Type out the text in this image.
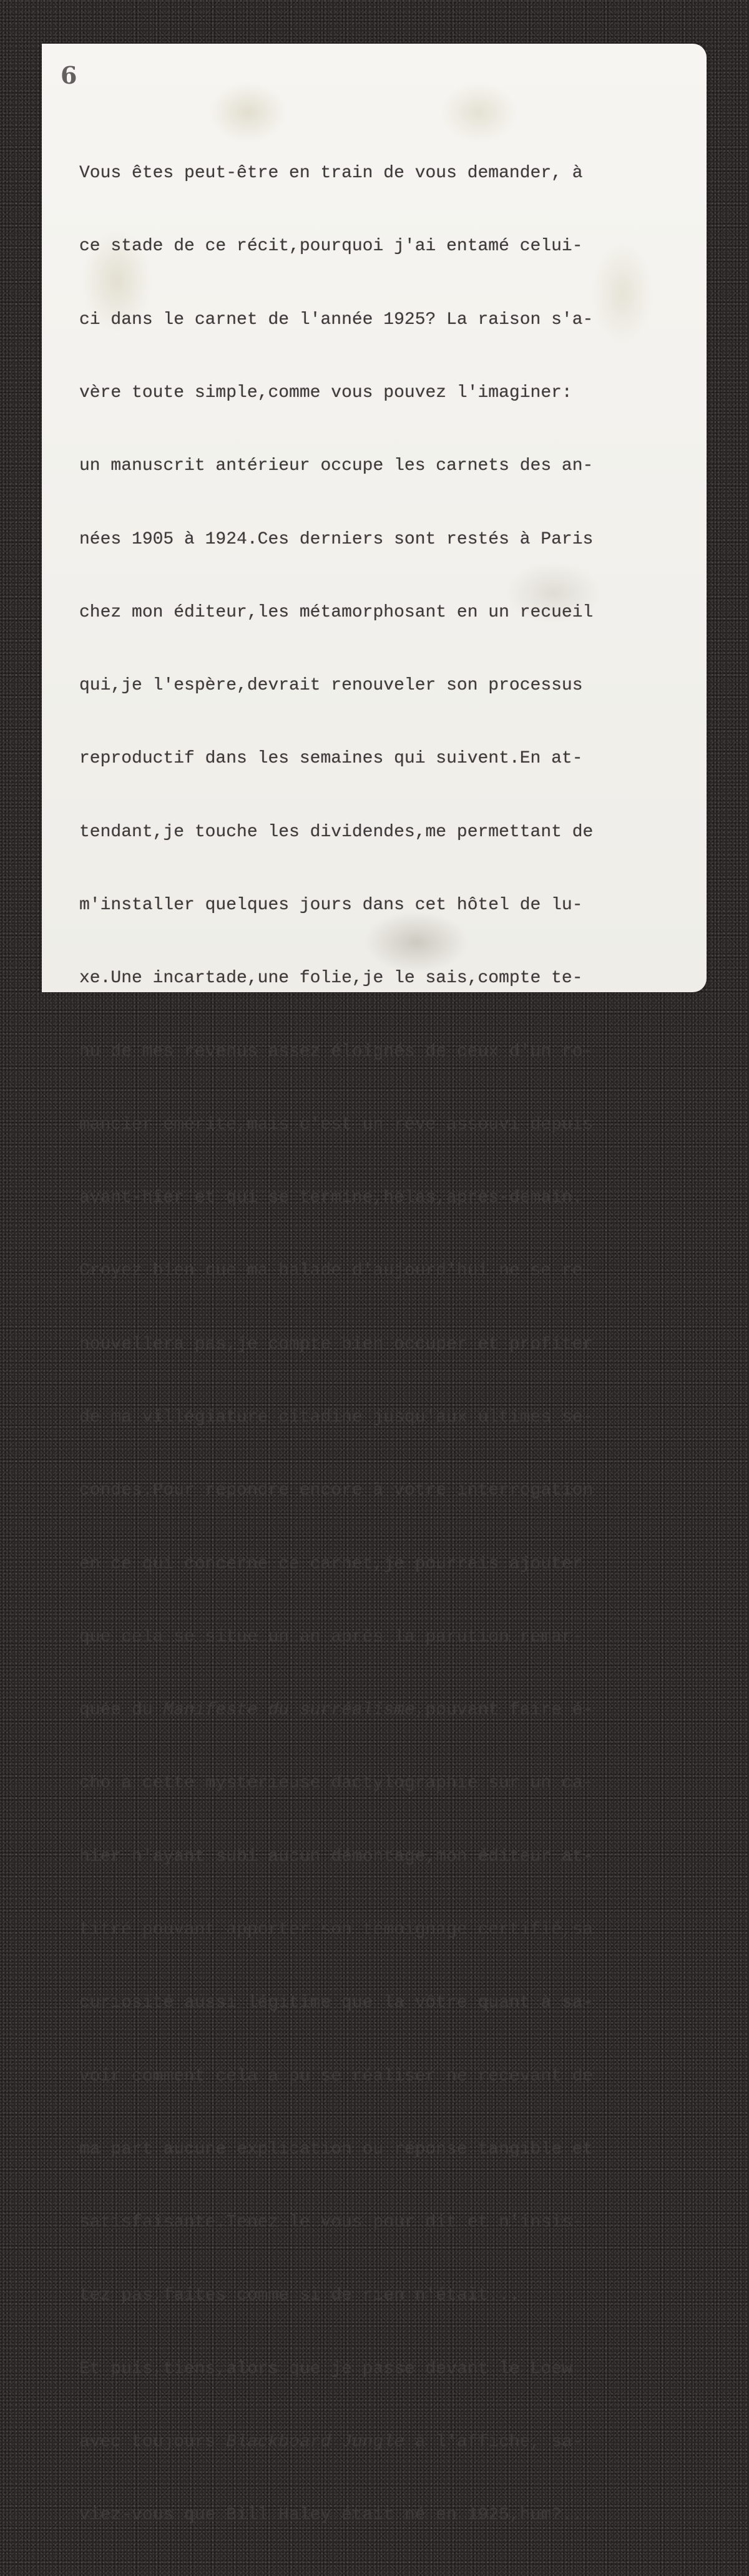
6

Vous êtes peut-être en train de vous demander, à

ce stade de ce récit,pourquoi j'ai entamé celui-

ci dans le carnet de l'année 1925? La raison s'a-

vère toute simple,comme vous pouvez l'imaginer:

un manuscrit antérieur occupe les carnets des an-

nées 1905 à 1924.Ces derniers sont restés à Paris

chez mon éditeur,les métamorphosant en un recueil

qui,je l'espère,devrait renouveler son processus

reproductif dans les semaines qui suivent.En at-

tendant,je touche les dividendes,me permettant de

m'installer quelques jours dans cet hôtel de lu-

xe.Une incartade,une folie,je le sais,compte te-

nu de mes revenus assez éloignés de ceux d'un ro-

mancier émérite,mais c'est un rêve assouvi depuis

avant-hier et qui se termine,hélas,après-demain.

Croyez bien que ma balade d'aujourd'hui ne se re-

nouvellera pas,je compte bien occuper et profiter

de ma villégiature citadine jusqu'aux ultimes se-

condes.Pour répondre encore à votre interrogation

en ce qui concerne ce carnet,je pourrais ajouter

que cela se situe un an après la parution remar-

quée du Manifeste du surréalisme,pouvant faire é-

cho à cette mystérieuse dactylographie sur un ca-

hier n'ayant subi aucun démontage,mon éditeur at-

titré pouvant apporter son témoignage certifié,sa

curiosité aussi légitime que la vôtre quant à sa-

voir comment cela a pu se réaliser ne recevant de

ma part aucune explication ou réponse tangible et

satisfaisante.Tenez-le vous pour dit et n'insis-

tez pas,faites comme si de rien n'était...

Et puis,tiens,alors que je passe devant le Loew

avec toujours Blackboard Jungle à l'affiche, sa-

viez-vous que Bill Haley était né en 1925,hum?...
